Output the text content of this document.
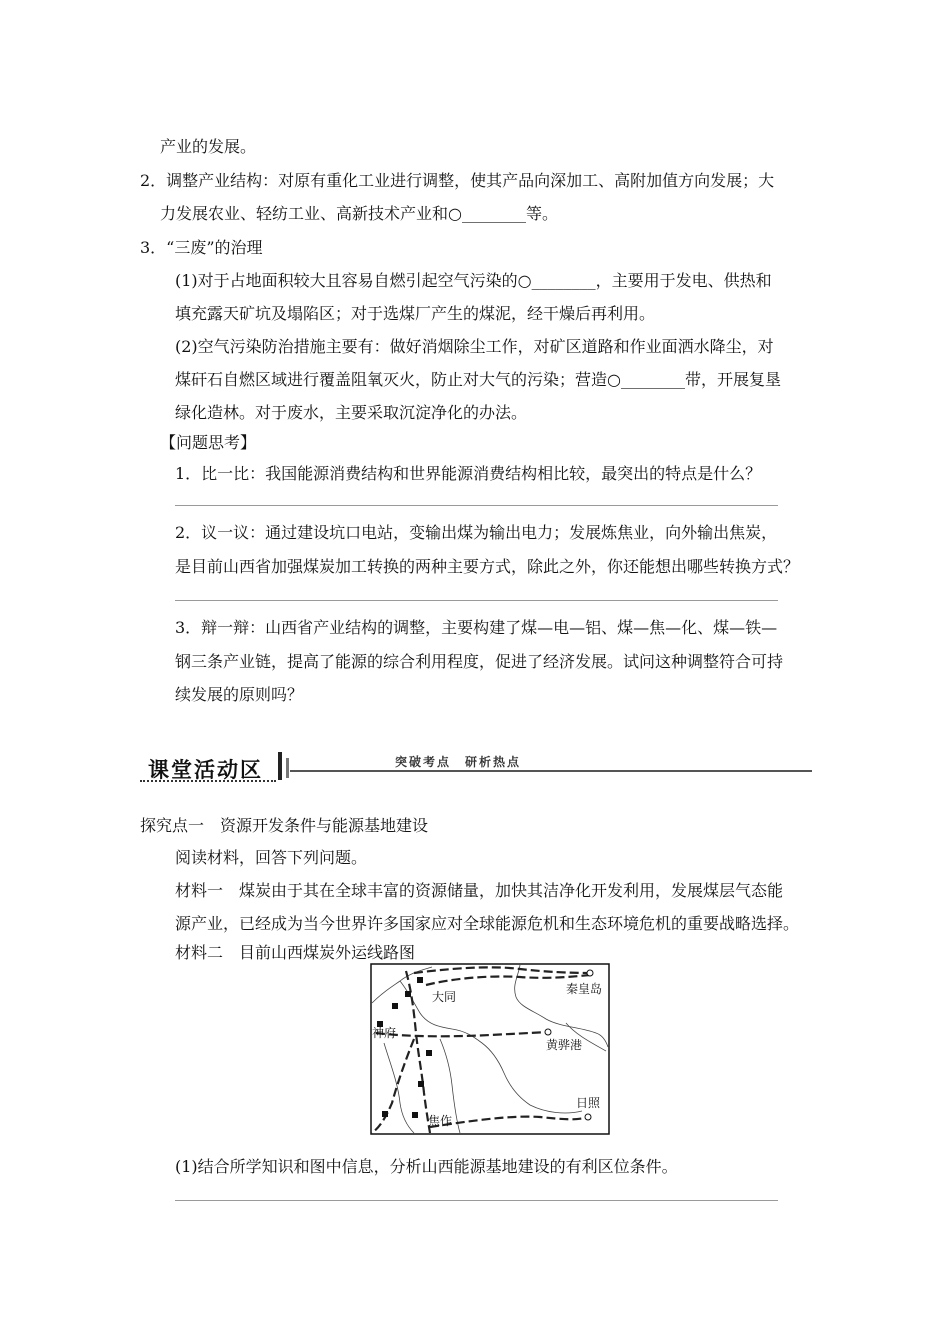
产业的发展。
2．调整产业结构：对原有重化工业进行调整，使其产品向深加工、高附加值方向发展；大
力发展农业、轻纺工业、高新技术产业和○________等。
3．“三废”的治理
(1)对于占地面积较大且容易自燃引起空气污染的○________，主要用于发电、供热和
填充露天矿坑及塌陷区；对于选煤厂产生的煤泥，经干燥后再利用。
(2)空气污染防治措施主要有：做好消烟除尘工作，对矿区道路和作业面洒水降尘，对
煤矸石自燃区域进行覆盖阻氧灭火，防止对大气的污染；营造○________带，开展复垦
绿化造林。对于废水，主要采取沉淀净化的办法。
【问题思考】
1．比一比：我国能源消费结构和世界能源消费结构相比较，最突出的特点是什么？
2．议一议：通过建设坑口电站，变输出煤为输出电力；发展炼焦业，向外输出焦炭，
是目前山西省加强煤炭加工转换的两种主要方式，除此之外，你还能想出哪些转换方式？
3．辩一辩：山西省产业结构的调整，主要构建了煤—电—铝、煤—焦—化、煤—铁—
钢三条产业链，提高了能源的综合利用程度，促进了经济发展。试问这种调整符合可持
续发展的原则吗？
课堂活动区	突破考点　研析热点
探究点一　资源开发条件与能源基地建设
阅读材料，回答下列问题。
材料一　煤炭由于其在全球丰富的资源储量，加快其洁净化开发利用，发展煤层气态能
源产业，已经成为当今世界许多国家应对全球能源危机和生态环境危机的重要战略选择。
材料二　目前山西煤炭外运线路图
大同
秦皇岛
神府
黄骅港
日照
焦作
(1)结合所学知识和图中信息，分析山西能源基地建设的有利区位条件。
